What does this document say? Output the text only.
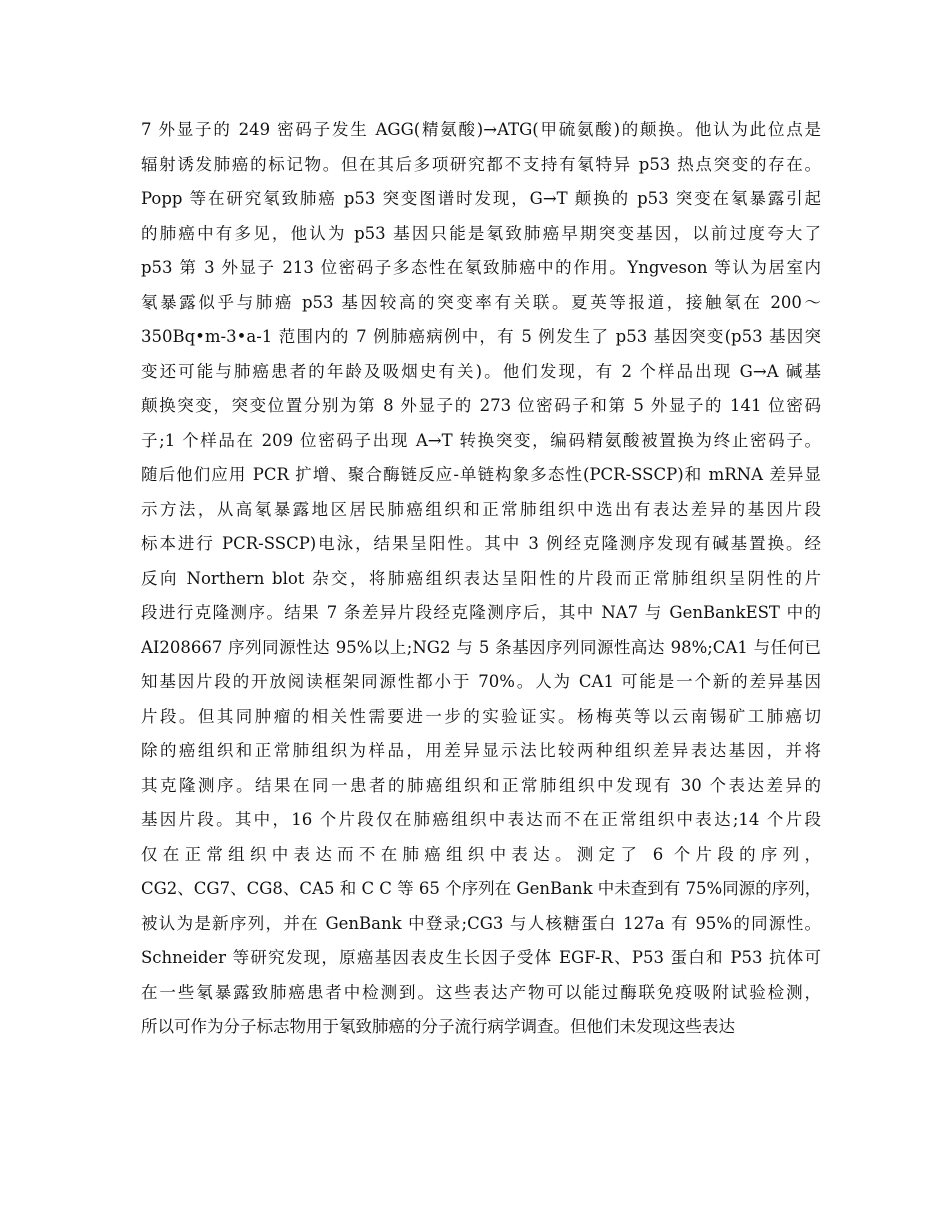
7 外显子的 249 密码子发生 AGG(精氨酸)→ATG(甲硫氨酸)的颠换。他认为此位点是
辐射诱发肺癌的标记物。但在其后多项研究都不支持有氡特异 p53 热点突变的存在。
Popp 等在研究氡致肺癌 p53 突变图谱时发现，G→T 颠换的 p53 突变在氡暴露引起
的肺癌中有多见，他认为 p53 基因只能是氡致肺癌早期突变基因，以前过度夸大了
p53 第 3 外显子 213 位密码子多态性在氡致肺癌中的作用。Yngveson 等认为居室内
氡暴露似乎与肺癌 p53 基因较高的突变率有关联。夏英等报道，接触氡在 200～
350Bq•m-3•a-1 范围内的 7 例肺癌病例中，有 5 例发生了 p53 基因突变(p53 基因突
变还可能与肺癌患者的年龄及吸烟史有关)。他们发现，有 2 个样品出现 G→A 碱基
颠换突变，突变位置分别为第 8 外显子的 273 位密码子和第 5 外显子的 141 位密码
子;1 个样品在 209 位密码子出现 A→T 转换突变，编码精氨酸被置换为终止密码子。
随后他们应用 PCR 扩增、聚合酶链反应-单链构象多态性(PCR-SSCP)和 mRNA 差异显
示方法，从高氡暴露地区居民肺癌组织和正常肺组织中选出有表达差异的基因片段
标本进行 PCR-SSCP)电泳，结果呈阳性。其中 3 例经克隆测序发现有碱基置换。经
反向 Northern blot 杂交，将肺癌组织表达呈阳性的片段而正常肺组织呈阴性的片
段进行克隆测序。结果 7 条差异片段经克隆测序后，其中 NA7 与 GenBankEST 中的
AI208667 序列同源性达 95%以上;NG2 与 5 条基因序列同源性高达 98%;CA1 与任何已
知基因片段的开放阅读框架同源性都小于 70%。人为 CA1 可能是一个新的差异基因
片段。但其同肿瘤的相关性需要进一步的实验证实。杨梅英等以云南锡矿工肺癌切
除的癌组织和正常肺组织为样品，用差异显示法比较两种组织差异表达基因，并将
其克隆测序。结果在同一患者的肺癌组织和正常肺组织中发现有 30 个表达差异的
基因片段。其中，16 个片段仅在肺癌组织中表达而不在正常组织中表达;14 个片段
仅在正常组织中表达而不在肺癌组织中表达。测定了 6 个片段的序列，
CG2、CG7、CG8、CA5 和 C C 等 65 个序列在 GenBank 中未查到有 75%同源的序列，
被认为是新序列，并在 GenBank 中登录;CG3 与人核糖蛋白 127a 有 95%的同源性。
Schneider 等研究发现，原癌基因表皮生长因子受体 EGF-R、P53 蛋白和 P53 抗体可
在一些氡暴露致肺癌患者中检测到。这些表达产物可以能过酶联免疫吸附试验检测，
所以可作为分子标志物用于氡致肺癌的分子流行病学调查。但他们未发现这些表达
